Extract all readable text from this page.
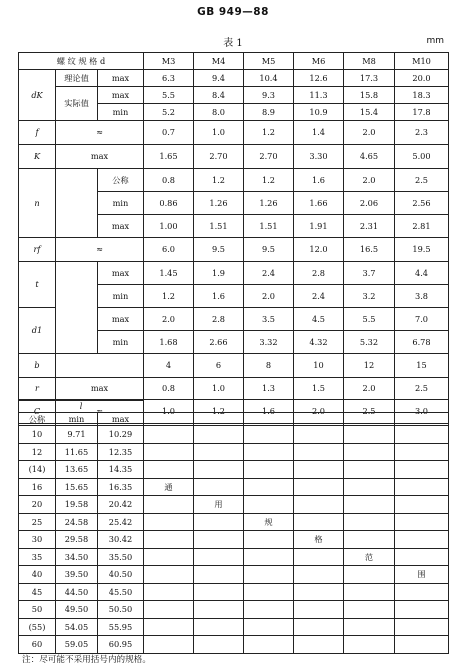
GB 949—88
表 1	mm
螺 纹 规 格 d			M3	M4	M5	M6	M8	M10
dK	理论值	max	6.3	9.4	10.4	12.6	17.3	20.0
	实际值	max	5.5	8.4	9.3	11.3	15.8	18.3
		min	5.2	8.0	8.9	10.9	15.4	17.8
f	≈		0.7	1.0	1.2	1.4	2.0	2.3
K	max		1.65	2.70	2.70	3.30	4.65	5.00
n		公称	0.8	1.2	1.2	1.6	2.0	2.5
		min	0.86	1.26	1.26	1.66	2.06	2.56
		max	1.00	1.51	1.51	1.91	2.31	2.81
rf	≈		6.0	9.5	9.5	12.0	16.5	19.5
t		max	1.45	1.9	2.4	2.8	3.7	4.4
		min	1.2	1.6	2.0	2.4	3.2	3.8
d1		max	2.0	2.8	3.5	4.5	5.5	7.0
		min	1.68	2.66	3.32	4.32	5.32	6.78
b			4	6	8	10	12	15
r	max		0.8	1.0	1.3	1.5	2.0	2.5
C	≈		1.0	1.2	1.6	2.0	2.5	3.0
l								
公称	min	max						
10	9.71	10.29						
12	11.65	12.35						
(14)	13.65	14.35						
16	15.65	16.35	通					
20	19.58	20.42		用				
25	24.58	25.42			规			
30	29.58	30.42				格		
35	34.50	35.50					范	
40	39.50	40.50						围
45	44.50	45.50						
50	49.50	50.50						
(55)	54.05	55.95						
60	59.05	60.95						
注：尽可能不采用括号内的规格。
